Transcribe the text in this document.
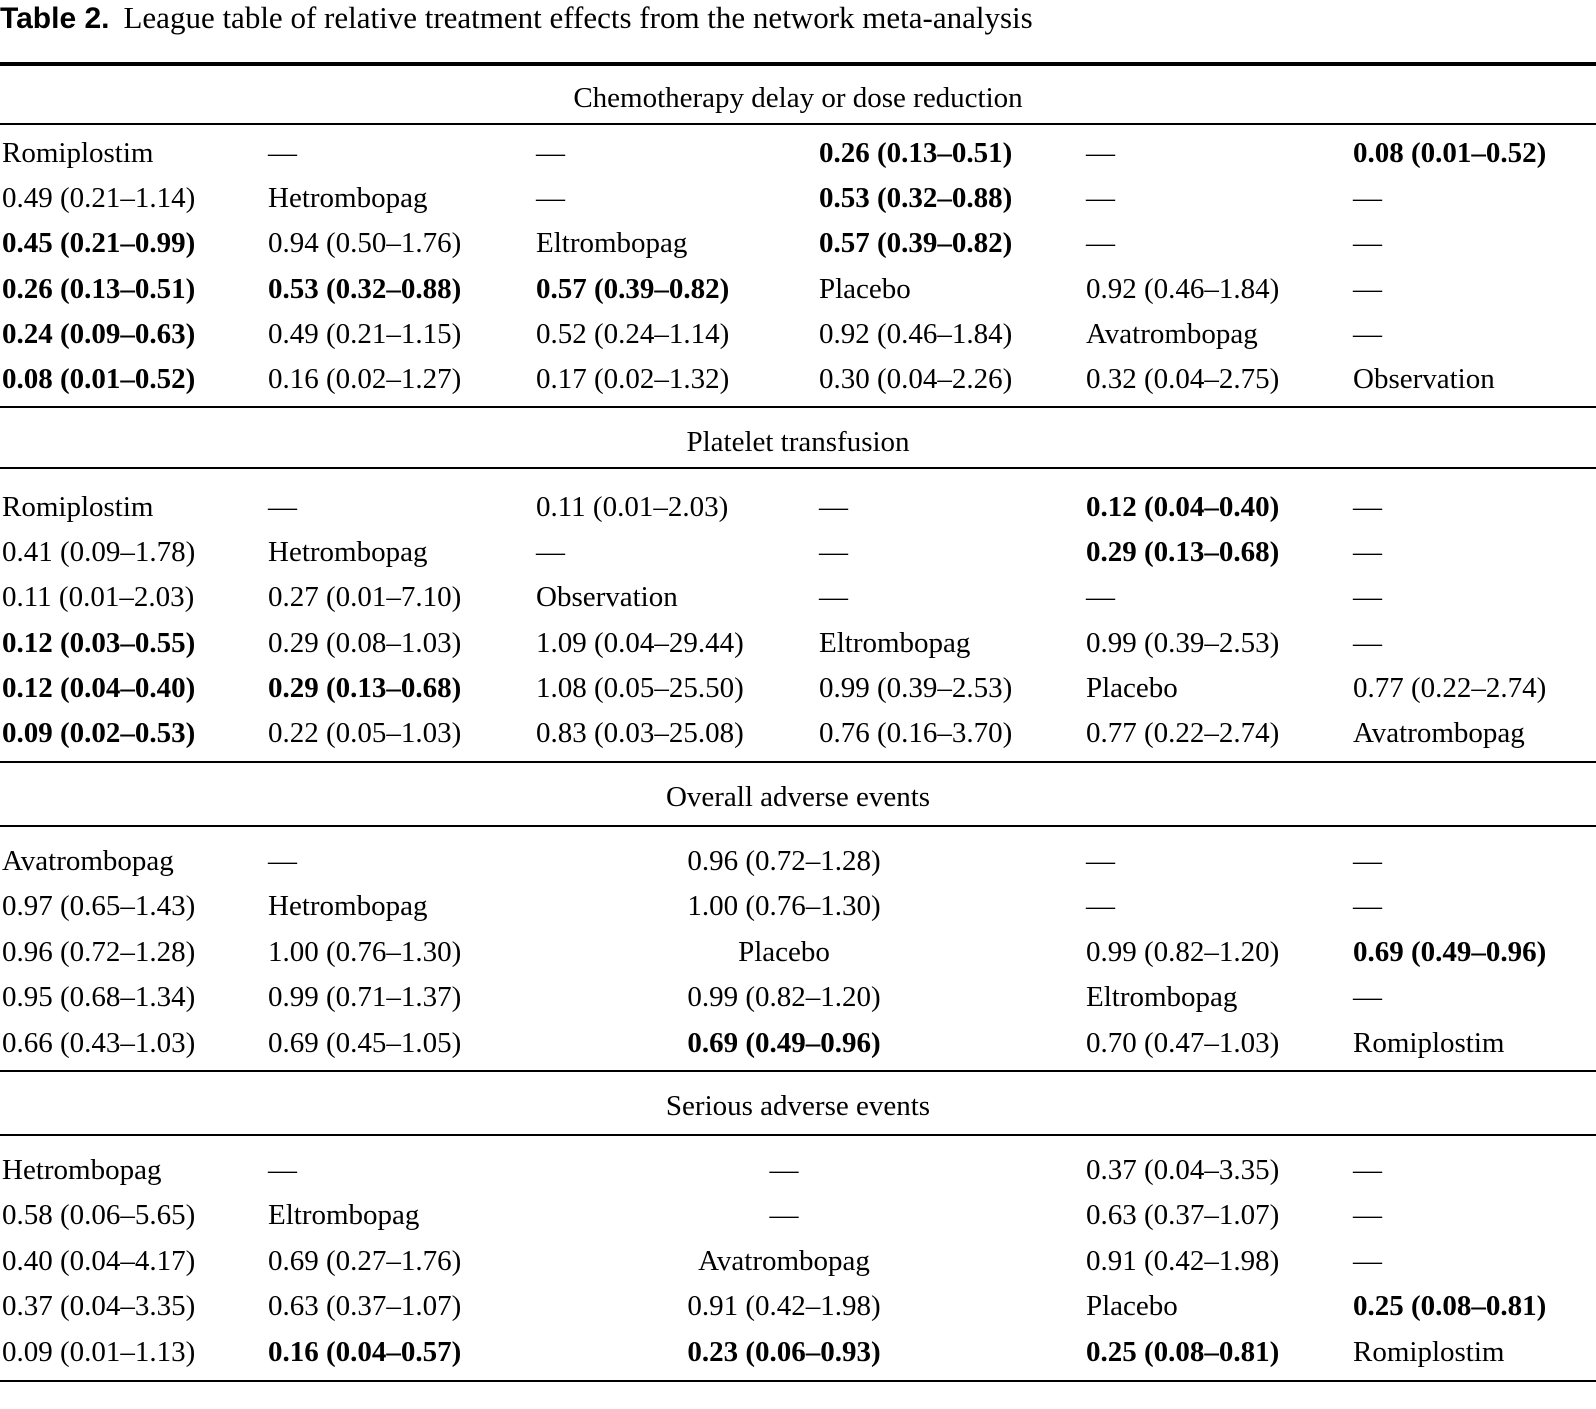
Table 2. League table of relative treatment effects from the network meta-analysis
Chemotherapy delay or dose reduction
Romiplostim	—	—	0.26 (0.13–0.51)	—	0.08 (0.01–0.52)
0.49 (0.21–1.14)	Hetrombopag	—	0.53 (0.32–0.88)	—	—
0.45 (0.21–0.99)	0.94 (0.50–1.76)	Eltrombopag	0.57 (0.39–0.82)	—	—
0.26 (0.13–0.51)	0.53 (0.32–0.88)	0.57 (0.39–0.82)	Placebo	0.92 (0.46–1.84)	—
0.24 (0.09–0.63)	0.49 (0.21–1.15)	0.52 (0.24–1.14)	0.92 (0.46–1.84)	Avatrombopag	—
0.08 (0.01–0.52)	0.16 (0.02–1.27)	0.17 (0.02–1.32)	0.30 (0.04–2.26)	0.32 (0.04–2.75)	Observation
Platelet transfusion
Romiplostim	—	0.11 (0.01–2.03)	—	0.12 (0.04–0.40)	—
0.41 (0.09–1.78)	Hetrombopag	—	—	0.29 (0.13–0.68)	—
0.11 (0.01–2.03)	0.27 (0.01–7.10)	Observation	—	—	—
0.12 (0.03–0.55)	0.29 (0.08–1.03)	1.09 (0.04–29.44)	Eltrombopag	0.99 (0.39–2.53)	—
0.12 (0.04–0.40)	0.29 (0.13–0.68)	1.08 (0.05–25.50)	0.99 (0.39–2.53)	Placebo	0.77 (0.22–2.74)
0.09 (0.02–0.53)	0.22 (0.05–1.03)	0.83 (0.03–25.08)	0.76 (0.16–3.70)	0.77 (0.22–2.74)	Avatrombopag
Overall adverse events
Avatrombopag	—	0.96 (0.72–1.28)	—	—
0.97 (0.65–1.43)	Hetrombopag	1.00 (0.76–1.30)	—	—
0.96 (0.72–1.28)	1.00 (0.76–1.30)	Placebo	0.99 (0.82–1.20)	0.69 (0.49–0.96)
0.95 (0.68–1.34)	0.99 (0.71–1.37)	0.99 (0.82–1.20)	Eltrombopag	—
0.66 (0.43–1.03)	0.69 (0.45–1.05)	0.69 (0.49–0.96)	0.70 (0.47–1.03)	Romiplostim
Serious adverse events
Hetrombopag	—	—	0.37 (0.04–3.35)	—
0.58 (0.06–5.65)	Eltrombopag	—	0.63 (0.37–1.07)	—
0.40 (0.04–4.17)	0.69 (0.27–1.76)	Avatrombopag	0.91 (0.42–1.98)	—
0.37 (0.04–3.35)	0.63 (0.37–1.07)	0.91 (0.42–1.98)	Placebo	0.25 (0.08–0.81)
0.09 (0.01–1.13)	0.16 (0.04–0.57)	0.23 (0.06–0.93)	0.25 (0.08–0.81)	Romiplostim
